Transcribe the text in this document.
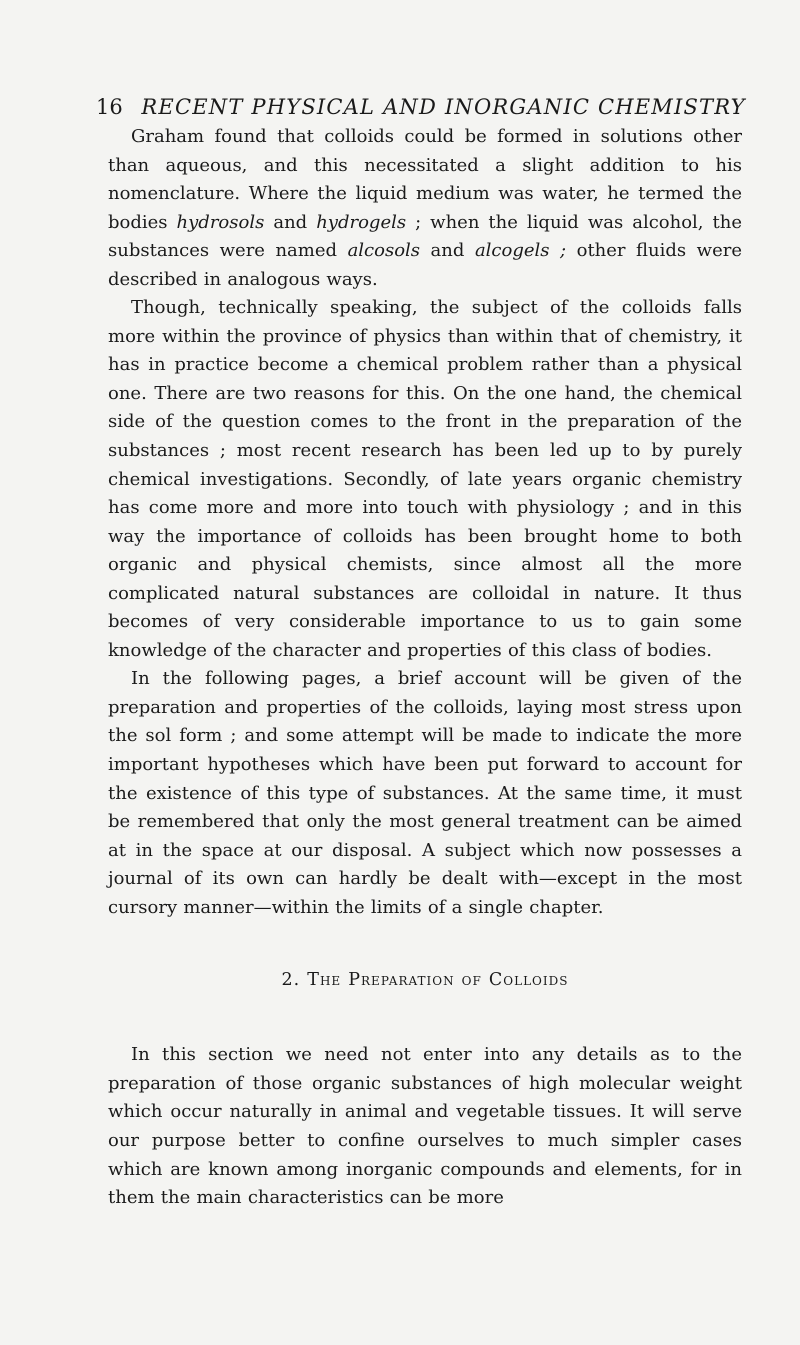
16 RECENT PHYSICAL AND INORGANIC CHEMISTRY

Graham found that colloids could be formed in solutions other than aqueous, and this necessitated a slight addition to his nomenclature. Where the liquid medium was water, he termed the bodies hydrosols and hydrogels ; when the liquid was alcohol, the substances were named alcosols and alcogels ; other fluids were described in analogous ways.

Though, technically speaking, the subject of the colloids falls more within the province of physics than within that of chemistry, it has in practice become a chemical problem rather than a physical one. There are two reasons for this. On the one hand, the chemical side of the question comes to the front in the preparation of the substances ; most recent research has been led up to by purely chemical investigations. Secondly, of late years organic chemistry has come more and more into touch with physiology ; and in this way the importance of colloids has been brought home to both organic and physical chemists, since almost all the more complicated natural substances are colloidal in nature. It thus becomes of very considerable importance to us to gain some knowledge of the character and properties of this class of bodies.

In the following pages, a brief account will be given of the preparation and properties of the colloids, laying most stress upon the sol form ; and some attempt will be made to indicate the more important hypotheses which have been put forward to account for the existence of this type of substances. At the same time, it must be remembered that only the most general treatment can be aimed at in the space at our disposal. A subject which now possesses a journal of its own can hardly be dealt with—except in the most cursory manner—within the limits of a single chapter.

2. The Preparation of Colloids

In this section we need not enter into any details as to the preparation of those organic substances of high molecular weight which occur naturally in animal and vegetable tissues. It will serve our purpose better to confine ourselves to much simpler cases which are known among inorganic compounds and elements, for in them the main characteristics can be more
